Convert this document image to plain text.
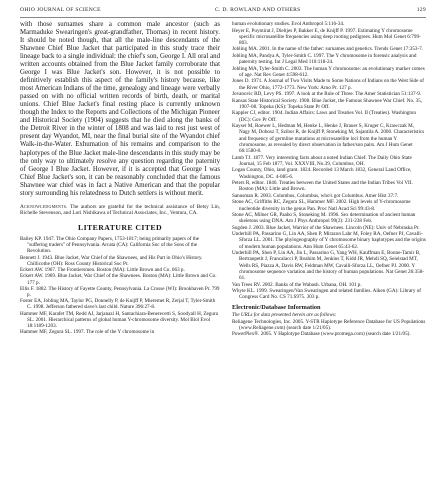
OHIO JOURNAL OF SCIENCE	C. D. ROWLAND AND OTHERS	129

with those surnames share a common male ancestor (such as Marmaduke Swearingen's great-grandfather, Thomas) in recent history. It should be noted though, that all the male-line descendants of the Shawnee Chief Blue Jacket that participated in this study trace their lineage back to a single individual: the chief's son, George I. All oral and written accounts obtained from the Blue Jacket family corroborate that George I was Blue Jacket's son. However, it is not possible to definitively establish this aspect of the family's history because, like most American Indians of the time, genealogy and lineage were verbally passed on with no official written records of birth, death, or marital unions. Chief Blue Jacket's final resting place is currently unknown though the Index to the Reports and Collections of the Michigan Pioneer and Historical Society (1904) suggests that he died along the banks of the Detroit River in the winter of 1808 and was laid to rest just west of present day Wyandot, MI, near the final burial site of the Wyandot chief Walk-in-the-Water. Exhumation of his remains and comparison to the haplotypes of the Blue Jacket male-line descendants in this study may be the only way to ultimately resolve any question regarding the paternity of George I Blue Jacket. However, if it is accepted that George I was Chief Blue Jacket's son, it can be reasonably concluded that the famous Shawnee war chief was in fact a Native American and that the popular story surrounding his relatedness to Dutch settlers is without merit.

Acknowledgments. The authors are grateful for the technical assistance of Betsy Lin, Richelle Stevenson, and Lori Nishikawa of Technical Associates, Inc., Ventura, CA.

LITERATURE CITED
Bailey KP. 1947. The Ohio Company Papers, 1753-1817; being primarily papers of the "suffering traders" of Pennsylvania. Arcata (CA): California Soc of the Sons of the Revolution.
Bennett J. 1943. Blue Jacket, War Chief of the Shawnees, and His Part in Ohio's History. Chillicothe (OH): Ross County Historical Soc Pr.
Eckert AW. 1967. The Frontiersmen. Boston (MA): Little Brown and Co. 663 p.
Eckert AW. 1969. Blue Jacket, War Chief of the Shawnees. Boston (MA): Little Brown and Co. 177 p.
Ellis F. 1882. The History of Fayette County, Pennsylvania. La Crosse (WI): Brookhaven Pr. 799 p.
Foster EA, Jobling MA, Taylor PG, Donnelly P, de Knijff P, Mieremet R, Zerjal T, Tyler-Smith C. 1998. Jefferson fathered slave's last child. Nature 396:27-8.
Hammer MF, Karafet TM, Redd AJ, Jarjanazi H, Santachiara-Benerecetti S, Soodyall H, Zegura SL. 2001. Hierarchical patterns of global human Y-chromosome diversity. Mol Biol Evol 18:1189-1203.
Hammer MF, Zegura SL. 1997. The role of the Y chromosome in
human evolutionary studies. Evol Anthropol 5:116-34.
Heyer E, Puymirat J, Dieltjes P, Bakker E, de Knijff P. 1997. Estimating Y chromosome specific microsatellite frequencies using deep rooting pedigrees. Hum Mol Genet 6:799-803.
Jobling MA. 2001. In the name of the father: surnames and genetics. Trends Genet 17:353-7.
Jobling MA, Pandya A, Tyler-Smith C. 1997. The Y chromosome in forensic analysis and paternity testing. Int J Legal Med 110:118-24.
Jobling MA, Tyler-Smith C. 2003. The human Y chromosome: an evolutionary marker comes of age. Nat Rev Genet 4:598-612.
Jones D. 1971. A Journal of Two Visits Made to Some Nations of Indians on the West Side of the River Ohio, 1772-1773. New York: Arno Pr. 127 p.
Jovanovic RD, Levy PS. 1997. A look at the Rule of Three. The Amer Statistician 51:137-9.
Kansas State Historical Society. 1908. Blue Jacket, the Famous Shawnee War Chief. No. 35, 1907-08. Topeka (KS): Topeka State Pr Off.
Kappler CJ, editor. 1904. Indian Affairs: Laws and Treaties Vol. II (Treaties). Washington (DC): Gov Pr Off.
Kayser M, Roewer L, Hedman M, Henke L, Henke J, Brauer S, Kruger C, Krawczak M, Nagy M, Dobosz T, Szibor R, de Knijff P, Stoneking M, Sajantila A. 2000. Characteristics and frequency of germline mutations at microsatellite loci from the human Y chromosome, as revealed by direct observation in father/son pairs. Am J Hum Genet 66:1580-8.
Lamb TJ. 1877. Very interesting facts about a noted Indian Chief. The Daily Ohio State Journal, 15 Feb 1877, Vol. XXXVIII, No.39, Columbus, OH.
Logan County, Ohio, land grant. 1824. Recorded 13 March 1832, General Land Office, Washington, DC. 4-085-6.
Peters R, editor. 1846. Treaties between the United States and the Indian Tribes Vol VII. Boston (MA): Little and Brown.
Sanusman R. 2003. Columbus, Columbus, who's got Columbus. Amer Hist 37:7.
Stone AC, Griffiths RC, Zegura SL, Hammer MF. 2002. High levels of Y-chromosome nucleotide diversity in the genus Pan. Proc Natl Acad Sci 99:43-8.
Stone AC, Milner GR, Paabo S, Stoneking M. 1996. Sex determination of ancient human skeletons using DNA. Am J Phys Anthropol 99(2): 231-238 Feb.
Sugden J. 2003. Blue Jacket, Warrior of the Shawnees. Lincoln (NE): Univ of Nebraska Pr.
Underhill PA, Passarino G, Lin AA, Shen P, Mirazon Lahr M, Foley RA, Oefner PJ, Cavalli-Sforza LL. 2001. The phylogeography of Y chromosome binary haplotypes and the origins of modern human populations. Ann Hum Genet 65:43-62.
Underhill PA, Shen P, Lin AA, Jin L, Passarino G, Yang WH, Kauffman E, Bonne-Tamir B, Bertranpetit J, Francalacci P, Ibrahim M, Jenkins T, Kidd JR, Mehdi SQ, Seielstad MT, Wells RS, Piazza A, Davis RW, Feldman MW, Cavalli-Sforza LL, Oefner PJ. 2000. Y chromosome sequence variation and the history of human populations. Nat Genet 26:358-61.
Van Trees RV. 2002. Banks of the Wabash. Urbana, OH. 101 p.
Whyte KL. 1999. Swearingen/Van Swearingen and related families. Aiken (GA): Library of Congress Card No. CS 71.S975. 303 p.
Electronic/Database Information
The URLs for data presented herein are as follows:
Reliagene Technologies, Inc. 2005. Y-STR Haplotype Reference Database for US Populations (www.Reliagene.com) (search date 1/21/05).
PowerPlex®. 2005. Y Haplotype Database (www.promega.com) (search date 1/21/05).
